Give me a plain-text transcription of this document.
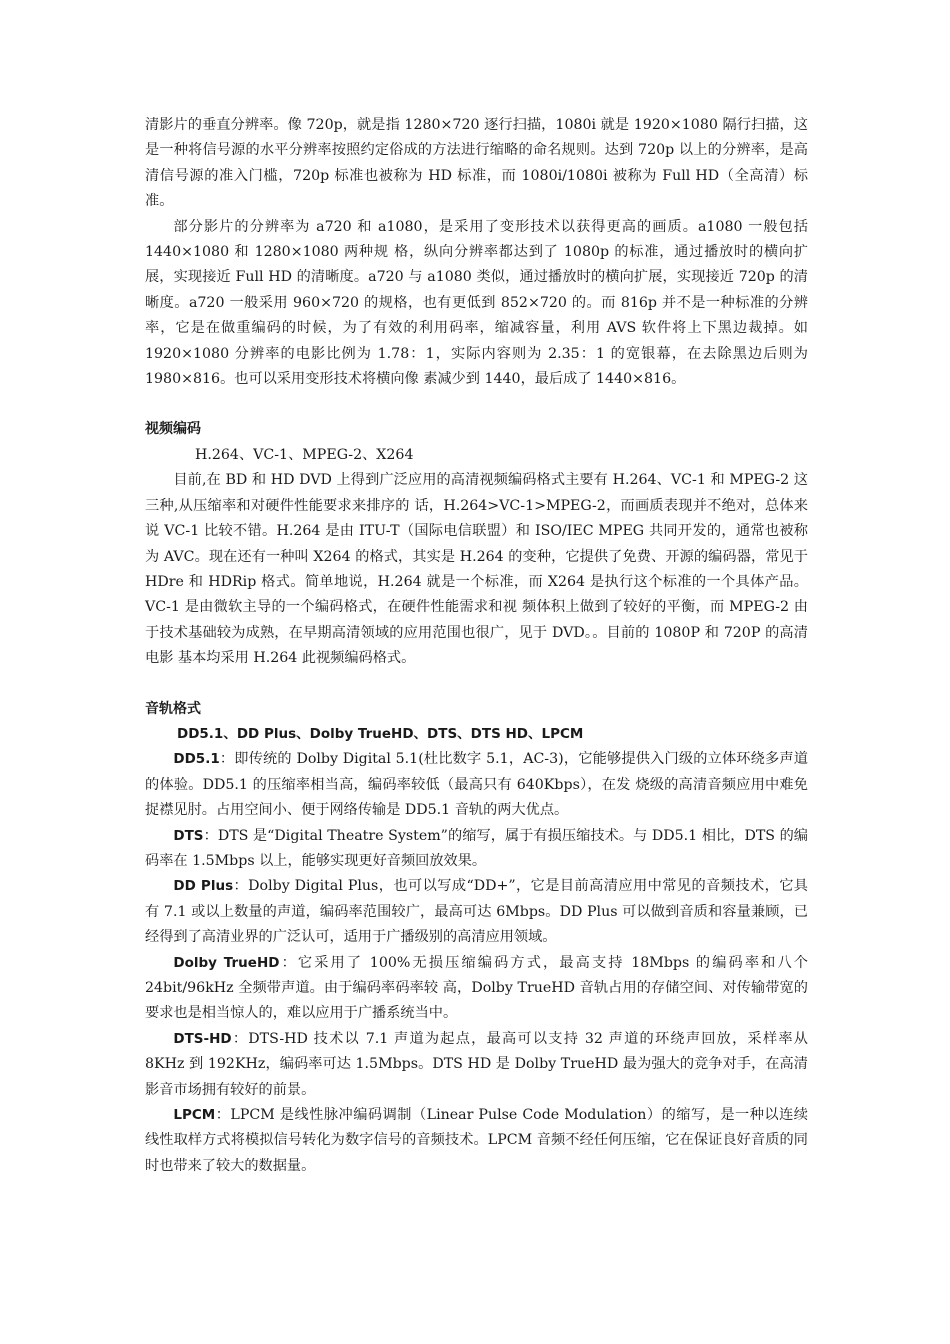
清影片的垂直分辨率。像 720p，就是指 1280×720 逐行扫描，1080i 就是 1920×1080 隔行扫描，这是一种将信号源的水平分辨率按照约定俗成的方法进行缩略的命名规则。达到 720p 以上的分辨率，是高清信号源的准入门槛，720p 标准也被称为 HD 标准，而 1080i/1080i 被称为 Full HD（全高清）标准。

部分影片的分辨率为 a720 和 a1080，是采用了变形技术以获得更高的画质。a1080 一般包括 1440×1080 和 1280×1080 两种规 格，纵向分辨率都达到了 1080p 的标准，通过播放时的横向扩展，实现接近 Full HD 的清晰度。a720 与 a1080 类似，通过播放时的横向扩展，实现接近 720p 的清晰度。a720 一般采用 960×720 的规格，也有更低到 852×720 的。而 816p 并不是一种标准的分辨率，它是在做重编码的时候，为了有效的利用码率，缩减容量，利用 AVS 软件将上下黑边裁掉。如 1920×1080 分辨率的电影比例为 1.78：1，实际内容则为 2.35：1 的宽银幕，在去除黑边后则为 1980×816。也可以采用变形技术将横向像 素减少到 1440，最后成了 1440×816。

视频编码

H.264、VC-1、MPEG-2、X264

目前,在 BD 和 HD DVD 上得到广泛应用的高清视频编码格式主要有 H.264、VC-1 和 MPEG-2 这三种,从压缩率和对硬件性能要求来排序的 话，H.264>VC-1>MPEG-2，而画质表现并不绝对，总体来说 VC-1 比较不错。H.264 是由 ITU-T（国际电信联盟）和 ISO/IEC MPEG 共同开发的，通常也被称为 AVC。现在还有一种叫 X264 的格式，其实是 H.264 的变种，它提供了免费、开源的编码器，常见于 HDre 和 HDRip 格式。简单地说，H.264 就是一个标准，而 X264 是执行这个标准的一个具体产品。VC-1 是由微软主导的一个编码格式，在硬件性能需求和视 频体积上做到了较好的平衡，而 MPEG-2 由于技术基础较为成熟，在早期高清领域的应用范围也很广，见于 DVD。。目前的 1080P 和 720P 的高清电影 基本均采用 H.264 此视频编码格式。

音轨格式

DD5.1、DD Plus、Dolby TrueHD、DTS、DTS HD、LPCM

DD5.1：即传统的 Dolby Digital 5.1(杜比数字 5.1，AC-3)，它能够提供入门级的立体环绕多声道的体验。DD5.1 的压缩率相当高，编码率较低（最高只有 640Kbps），在发 烧级的高清音频应用中难免捉襟见肘。占用空间小、便于网络传输是 DD5.1 音轨的两大优点。

DTS：DTS 是“Digital Theatre System”的缩写，属于有损压缩技术。与 DD5.1 相比，DTS 的编码率在 1.5Mbps 以上，能够实现更好音频回放效果。

DD Plus：Dolby Digital Plus，也可以写成“DD+”，它是目前高清应用中常见的音频技术，它具有 7.1 或以上数量的声道，编码率范围较广，最高可达 6Mbps。DD Plus 可以做到音质和容量兼顾，已经得到了高清业界的广泛认可，适用于广播级别的高清应用领域。

Dolby TrueHD：它采用了 100%无损压缩编码方式，最高支持 18Mbps 的编码率和八个 24bit/96kHz 全频带声道。由于编码率码率较 高，Dolby TrueHD 音轨占用的存储空间、对传输带宽的要求也是相当惊人的，难以应用于广播系统当中。

DTS-HD：DTS-HD 技术以 7.1 声道为起点，最高可以支持 32 声道的环绕声回放，采样率从 8KHz 到 192KHz，编码率可达 1.5Mbps。DTS HD 是 Dolby TrueHD 最为强大的竞争对手，在高清影音市场拥有较好的前景。

LPCM：LPCM 是线性脉冲编码调制（Linear Pulse Code Modulation）的缩写，是一种以连续线性取样方式将模拟信号转化为数字信号的音频技术。LPCM 音频不经任何压缩，它在保证良好音质的同时也带来了较大的数据量。
